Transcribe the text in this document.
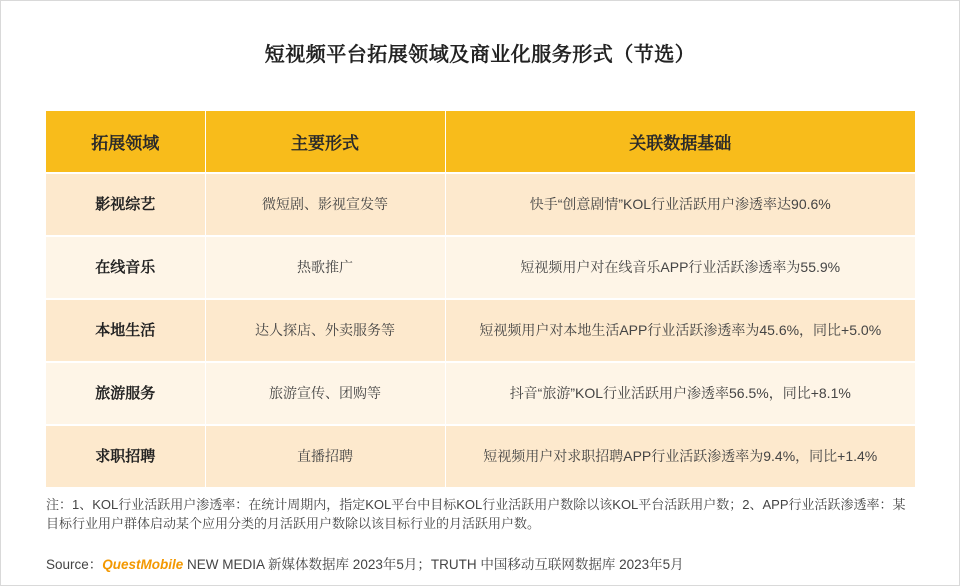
短视频平台拓展领域及商业化服务形式（节选）
拓展领域	主要形式	关联数据基础
影视综艺	微短剧、影视宣发等	快手“创意剧情”KOL行业活跃用户渗透率达90.6%
在线音乐	热歌推广	短视频用户对在线音乐APP行业活跃渗透率为55.9%
本地生活	达人探店、外卖服务等	短视频用户对本地生活APP行业活跃渗透率为45.6%，同比+5.0%
旅游服务	旅游宣传、团购等	抖音“旅游”KOL行业活跃用户渗透率56.5%，同比+8.1%
求职招聘	直播招聘	短视频用户对求职招聘APP行业活跃渗透率为9.4%，同比+1.4%
注：1、KOL行业活跃用户渗透率：在统计周期内，指定KOL平台中目标KOL行业活跃用户数除以该KOL平台活跃用户数；2、APP行业活跃渗透率：某目标行业用户群体启动某个应用分类的月活跃用户数除以该目标行业的月活跃用户数。
Source：QuestMobile NEW MEDIA 新媒体数据库 2023年5月；TRUTH 中国移动互联网数据库 2023年5月
